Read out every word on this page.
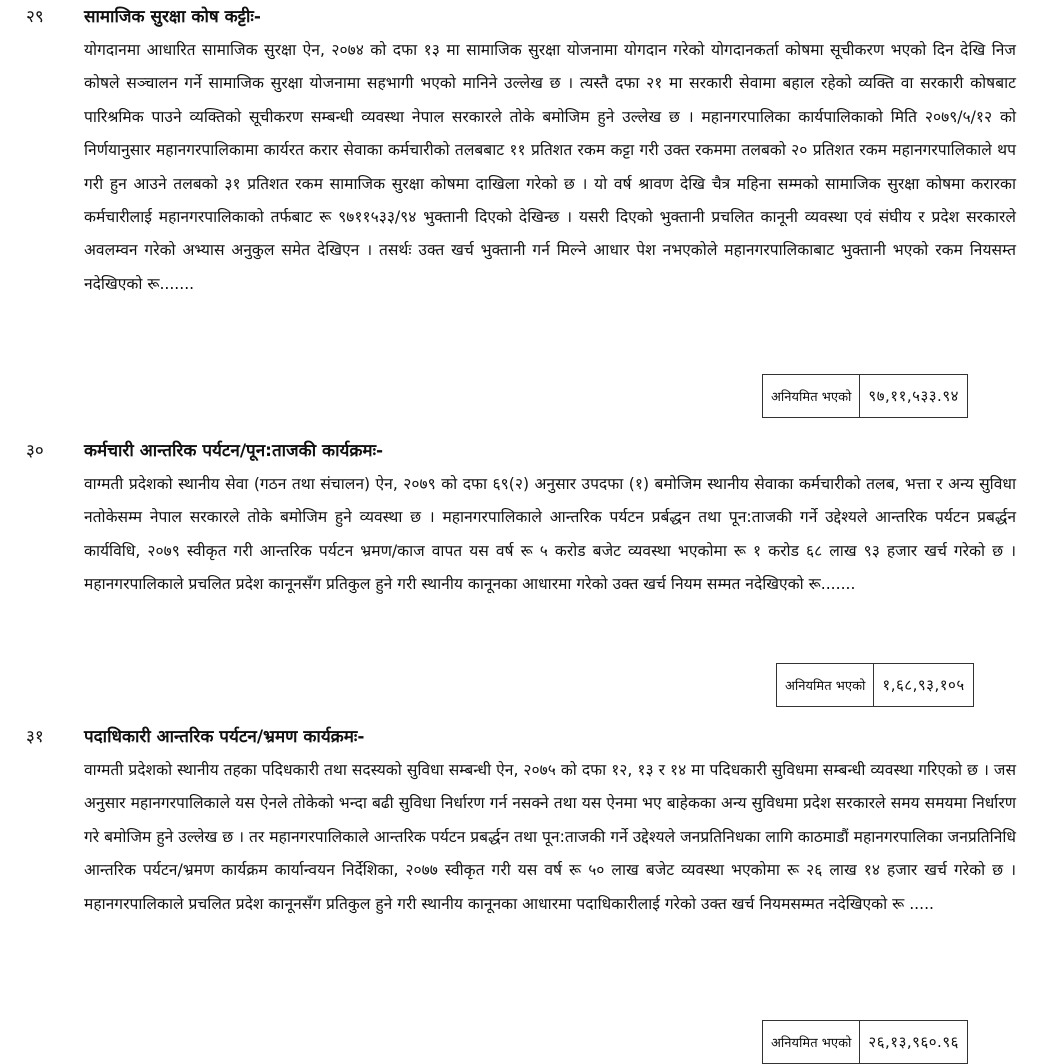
२९ सामाजिक सुरक्षा कोष कट्टीः-

योगदानमा आधारित सामाजिक सुरक्षा ऐन, २०७४ को दफा १३ मा सामाजिक सुरक्षा योजनामा योगदान गरेको योगदानकर्ता कोषमा सूचीकरण भएको दिन देखि निज कोषले सञ्चालन गर्ने सामाजिक सुरक्षा योजनामा सहभागी भएको मानिने उल्लेख छ । त्यस्तै दफा २१ मा सरकारी सेवामा बहाल रहेको व्यक्ति वा सरकारी कोषबाट पारिश्रमिक पाउने व्यक्तिको सूचीकरण सम्बन्धी व्यवस्था नेपाल सरकारले तोके बमोजिम हुने उल्लेख छ । महानगरपालिका कार्यपालिकाको मिति २०७९/५/१२ को निर्णयानुसार महानगरपालिकामा कार्यरत करार सेवाका कर्मचारीको तलबबाट ११ प्रतिशत रकम कट्टा गरी उक्त रकममा तलबको २० प्रतिशत रकम महानगरपालिकाले थप गरी हुन आउने तलबको ३१ प्रतिशत रकम सामाजिक सुरक्षा कोषमा दाखिला गरेको छ । यो वर्ष श्रावण देखि चैत्र महिना सम्मको सामाजिक सुरक्षा कोषमा करारका कर्मचारीलाई महानगरपालिकाको तर्फबाट रू ९७११५३३/९४ भुक्तानी दिएको देखिन्छ । यसरी दिएको भुक्तानी प्रचलित कानूनी व्यवस्था एवं संघीय र प्रदेश सरकारले अवलम्वन गरेको अभ्यास अनुकुल समेत देखिएन । तसर्थः उक्त खर्च भुक्तानी गर्न मिल्ने आधार पेश नभएकोले महानगरपालिकाबाट भुक्तानी भएको रकम नियसम्त नदेखिएको रू.......

अनियमित भएको	९७,११,५३३.९४
३० कर्मचारी आन्तरिक पर्यटन/पून:ताजकी कार्यक्रमः-

वाग्मती प्रदेशको स्थानीय सेवा (गठन तथा संचालन) ऐन, २०७९ को दफा ६९(२) अनुसार उपदफा (१) बमोजिम स्थानीय सेवाका कर्मचारीको तलब, भत्ता र अन्य सुविधा नतोकेसम्म नेपाल सरकारले तोके बमोजिम हुने व्यवस्था छ । महानगरपालिकाले आन्तरिक पर्यटन प्रर्बद्धन तथा पून:ताजकी गर्ने उद्देश्यले आन्तरिक पर्यटन प्रबर्द्धन कार्यविधि, २०७९ स्वीकृत गरी आन्तरिक पर्यटन भ्रमण/काज वापत यस वर्ष रू ५ करोड बजेट व्यवस्था भएकोमा रू १ करोड ६८ लाख ९३ हजार खर्च गरेको छ । महानगरपालिकाले प्रचलित प्रदेश कानूनसँग प्रतिकुल हुने गरी स्थानीय कानूनका आधारमा गरेको उक्त खर्च नियम सम्मत नदेखिएको रू.......

अनियमित भएको	१,६८,९३,१०५
३१ पदाधिकारी आन्तरिक पर्यटन/भ्रमण कार्यक्रमः-

वाग्मती प्रदेशको स्थानीय तहका पदिधकारी तथा सदस्यको सुविधा सम्बन्धी ऐन, २०७५ को दफा १२, १३ र १४ मा पदिधकारी सुविधमा सम्बन्धी व्यवस्था गरिएको छ । जस अनुसार महानगरपालिकाले यस ऐनले तोकेको भन्दा बढी सुविधा निर्धारण गर्न नसक्ने तथा यस ऐनमा भए बाहेकका अन्य सुविधमा प्रदेश सरकारले समय समयमा निर्धारण गरे बमोजिम हुने उल्लेख छ । तर महानगरपालिकाले आन्तरिक पर्यटन प्रबर्द्धन तथा पून:ताजकी गर्ने उद्देश्यले जनप्रतिनिधका लागि काठमाडौं महानगरपालिका जनप्रतिनिधि आन्तरिक पर्यटन/भ्रमण कार्यक्रम कार्यान्वयन निर्देशिका, २०७७ स्वीकृत गरी यस वर्ष रू ५० लाख बजेट व्यवस्था भएकोमा रू २६ लाख १४ हजार खर्च गरेको छ । महानगरपालिकाले प्रचलित प्रदेश कानूनसँग प्रतिकुल हुने गरी स्थानीय कानूनका आधारमा पदाधिकारीलाई गरेको उक्त खर्च नियमसम्मत नदेखिएको रू .....

अनियमित भएको	२६,१३,९६०.९६
